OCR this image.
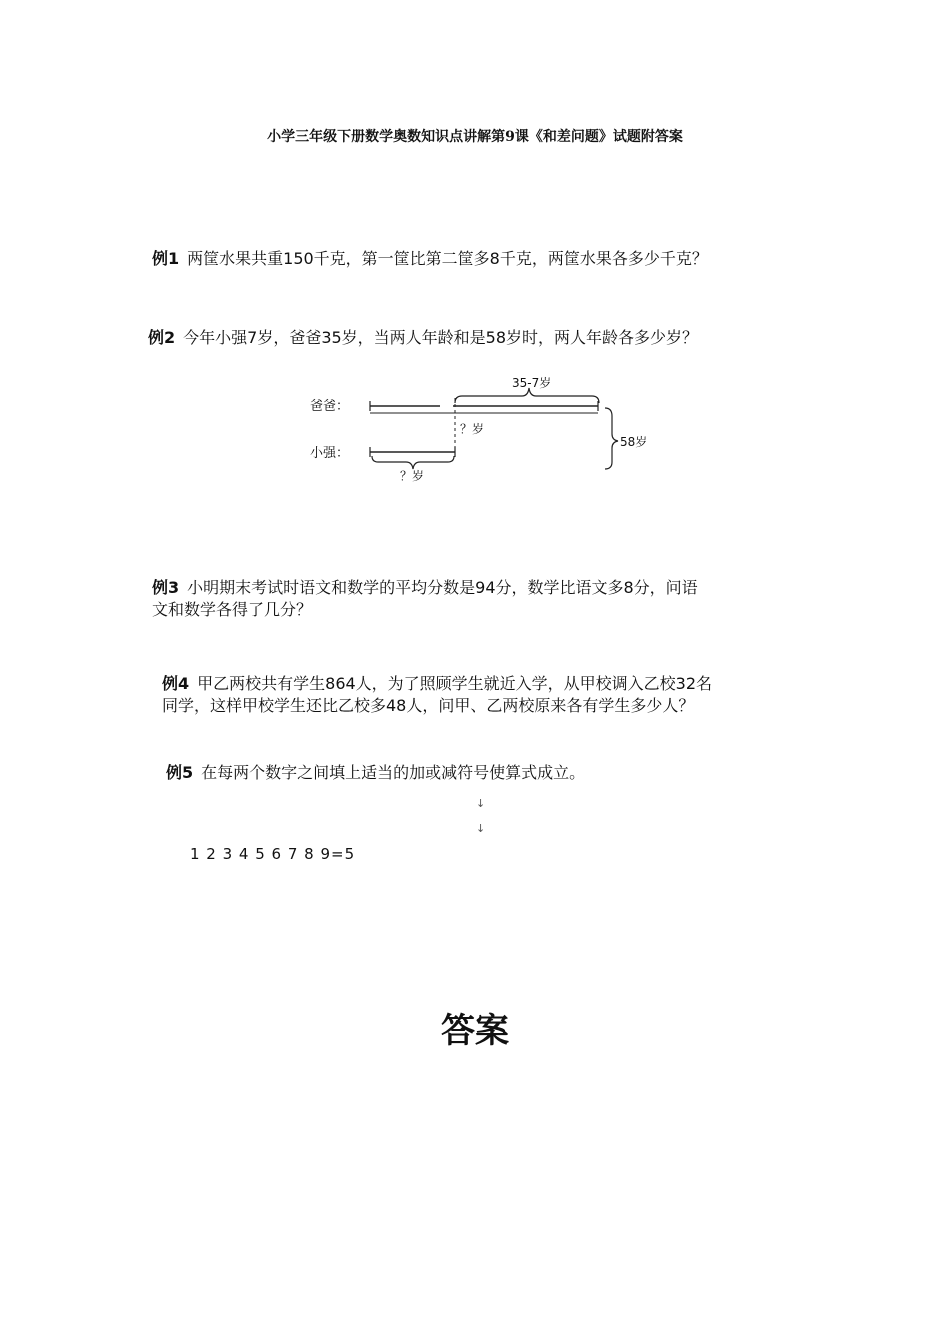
小学三年级下册数学奥数知识点讲解第9课《和差问题》试题附答案
例1 两筐水果共重150千克，第一筐比第二筐多8千克，两筐水果各多少千克？
例2 今年小强7岁，爸爸35岁，当两人年龄和是58岁时，两人年龄各多少岁？
爸爸：
小强：
35-7岁
？岁
？岁
58岁
例3 小明期末考试时语文和数学的平均分数是94分，数学比语文多8分，问语
文和数学各得了几分？
例4 甲乙两校共有学生864人，为了照顾学生就近入学，从甲校调入乙校32名
同学，这样甲校学生还比乙校多48人，问甲、乙两校原来各有学生多少人？
例5 在每两个数字之间填上适当的加或减符号使算式成立。
↓
↓
1 2 3 4 5 6 7 8 9=5
答案
